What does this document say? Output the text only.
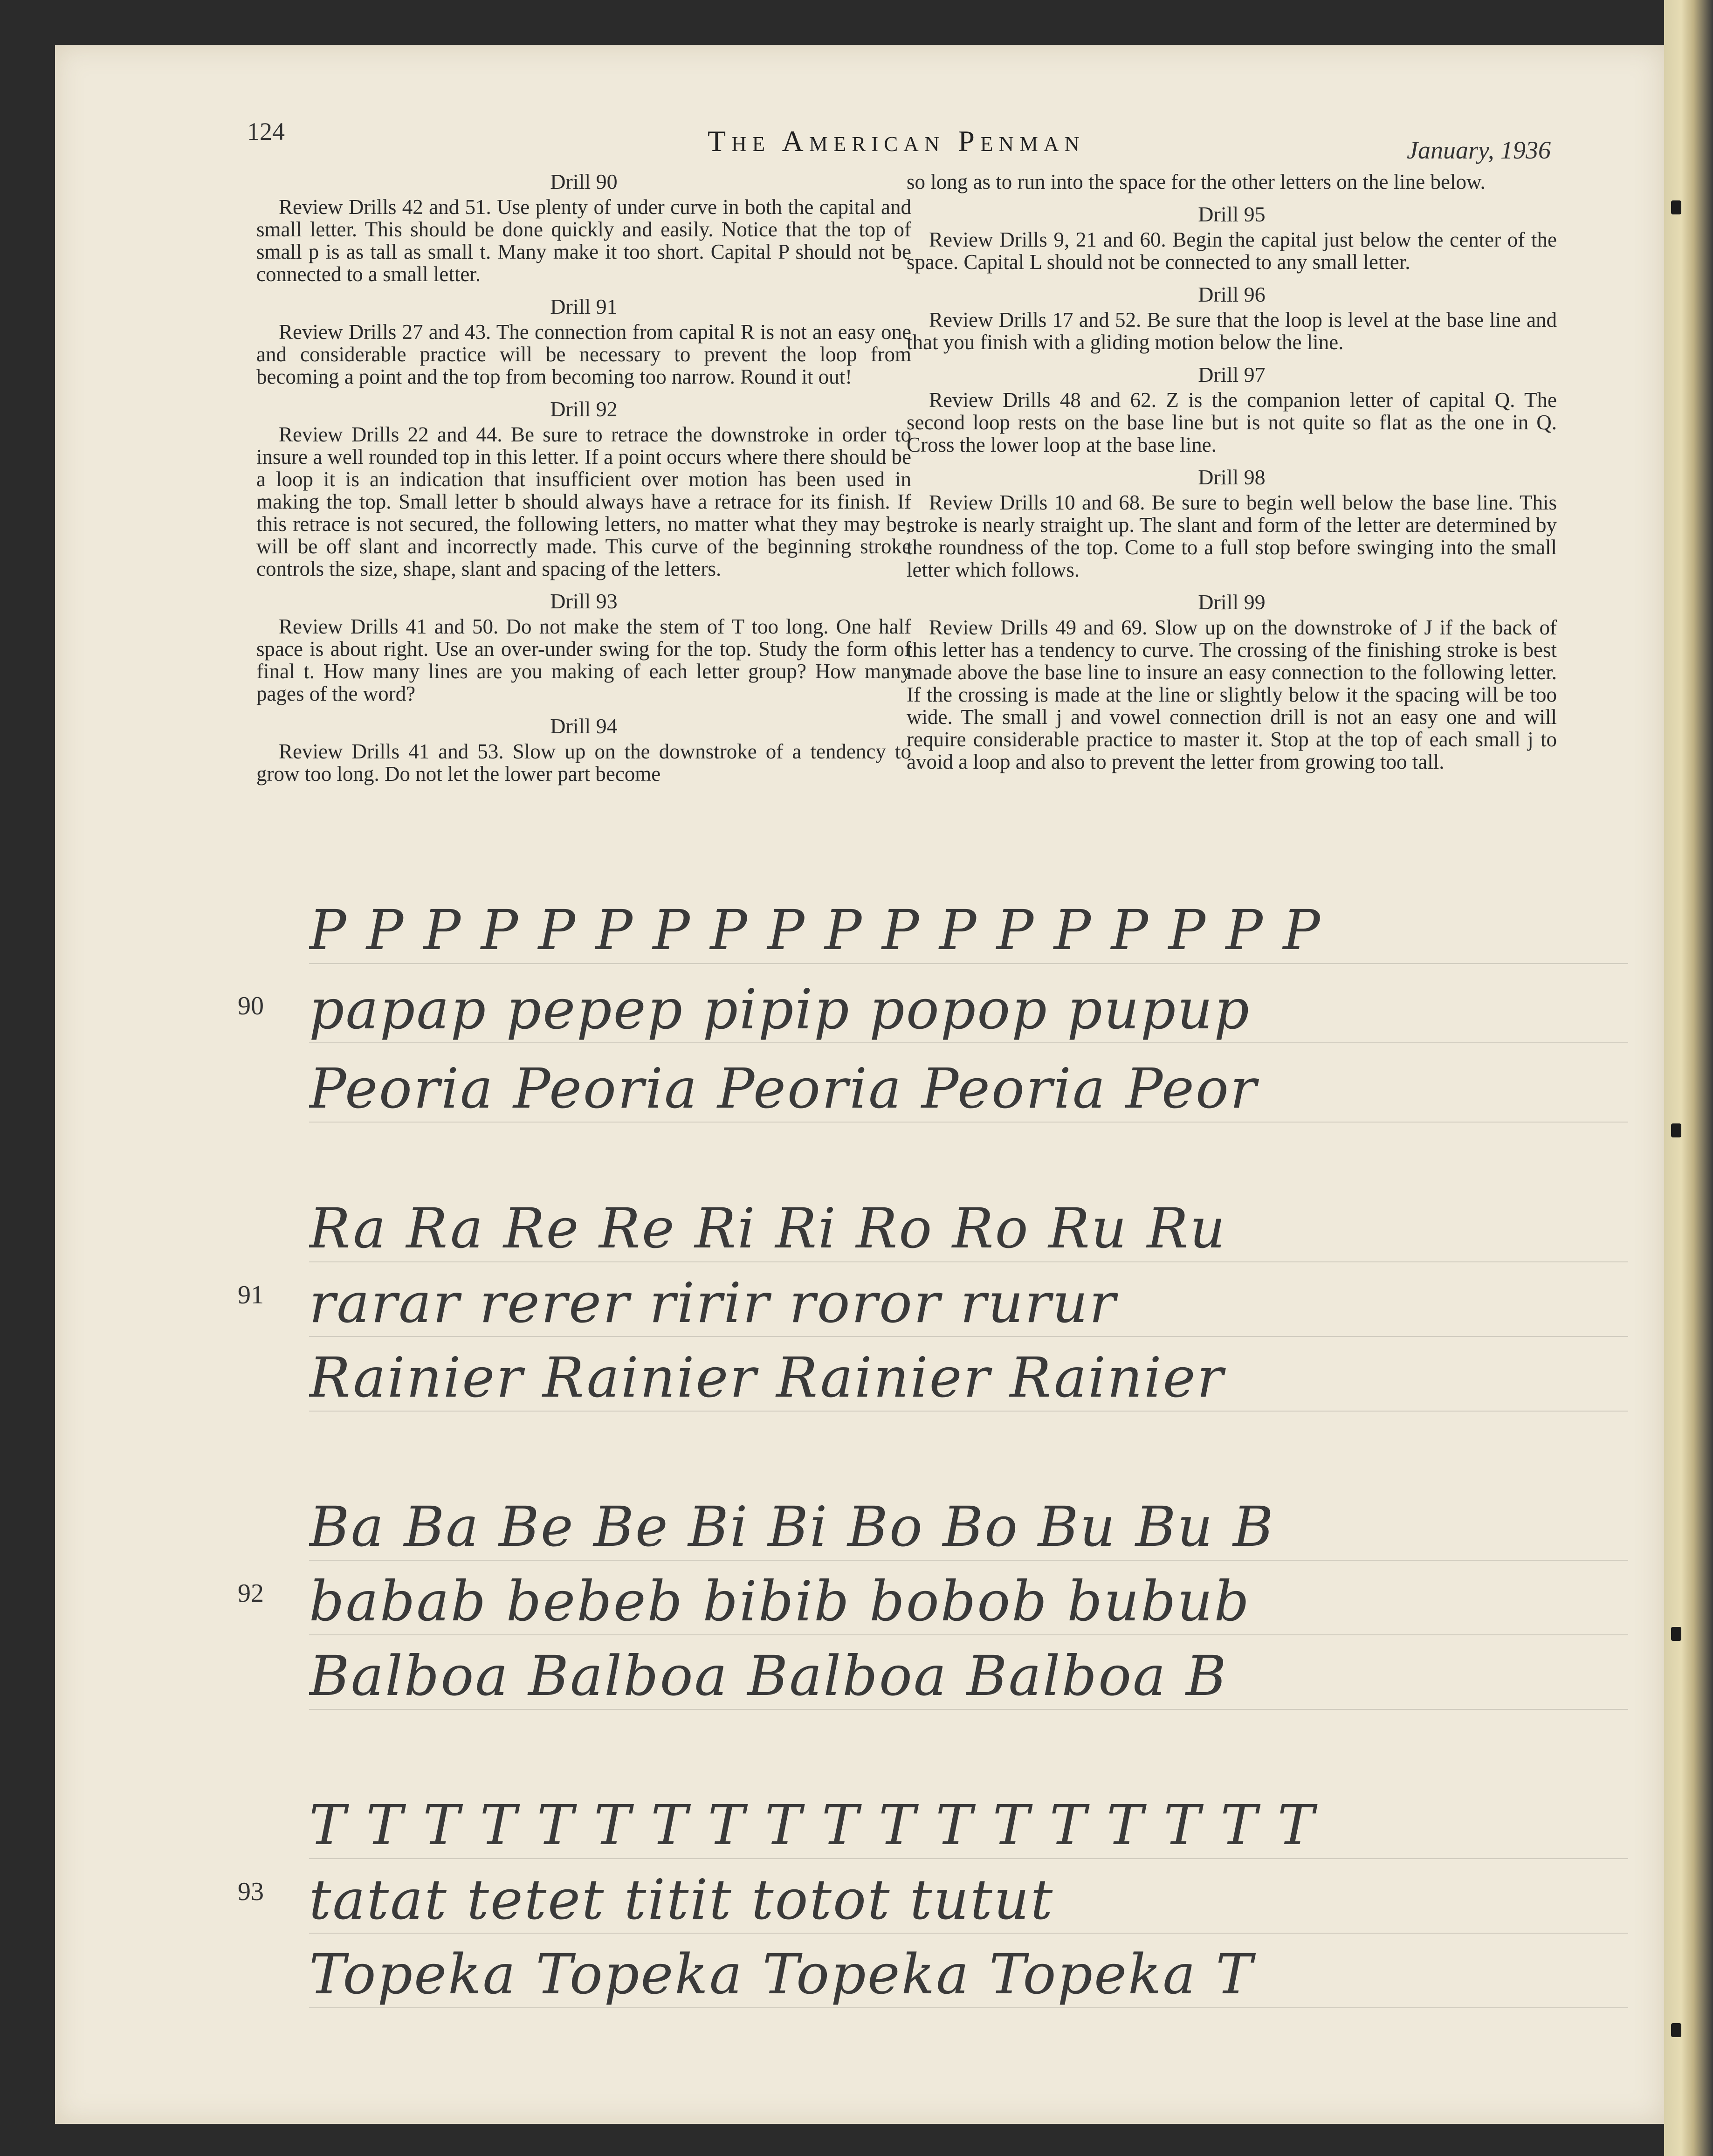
124	The American Penman	January, 1936

Drill 90

Review Drills 42 and 51. Use plenty of under curve in both the capital and small letter. This should be done quickly and easily. Notice that the top of small p is as tall as small t. Many make it too short. Capital P should not be connected to a small letter.

Drill 91

Review Drills 27 and 43. The connection from capital R is not an easy one and considerable practice will be necessary to prevent the loop from becoming a point and the top from becoming too narrow. Round it out!

Drill 92

Review Drills 22 and 44. Be sure to retrace the downstroke in order to insure a well rounded top in this letter. If a point occurs where there should be a loop it is an indication that insufficient over motion has been used in making the top. Small letter b should always have a retrace for its finish. If this retrace is not secured, the following letters, no matter what they may be, will be off slant and incorrectly made. This curve of the beginning stroke controls the size, shape, slant and spacing of the letters.

Drill 93

Review Drills 41 and 50. Do not make the stem of T too long. One half space is about right. Use an over-under swing for the top. Study the form of final t. How many lines are you making of each letter group? How many pages of the word?

Drill 94

Review Drills 41 and 53. Slow up on the downstroke of a tendency to grow too long. Do not let the lower part become

so long as to run into the space for the other letters on the line below.

Drill 95

Review Drills 9, 21 and 60. Begin the capital just below the center of the space. Capital L should not be connected to any small letter.

Drill 96

Review Drills 17 and 52. Be sure that the loop is level at the base line and that you finish with a gliding motion below the line.

Drill 97

Review Drills 48 and 62. Z is the companion letter of capital Q. The second loop rests on the base line but is not quite so flat as the one in Q. Cross the lower loop at the base line.

Drill 98

Review Drills 10 and 68. Be sure to begin well below the base line. This stroke is nearly straight up. The slant and form of the letter are determined by the roundness of the top. Come to a full stop before swinging into the small letter which follows.

Drill 99

Review Drills 49 and 69. Slow up on the downstroke of J if the back of this letter has a tendency to curve. The crossing of the finishing stroke is best made above the base line to insure an easy connection to the following letter. If the crossing is made at the line or slightly below it the spacing will be too wide. The small j and vowel connection drill is not an easy one and will require considerable practice to master it. Stop at the top of each small j to avoid a loop and also to prevent the letter from growing too tall.

P P P P P P P P P P P P P P P P P P
90 papap pepep pipip popop pupup
Peoria Peoria Peoria Peoria Peor
Ra Ra Re Re Ri Ri Ro Ro Ru Ru
91 rarar rerer ririr roror rurur
Rainier Rainier Rainier Rainier
Ba Ba Be Be Bi Bi Bo Bo Bu Bu B
92 babab bebeb bibib bobob bubub
Balboa Balboa Balboa Balboa B
T T T T T T T T T T T T T T T T T T
93 tatat tetet titit totot tutut
Topeka Topeka Topeka Topeka T
